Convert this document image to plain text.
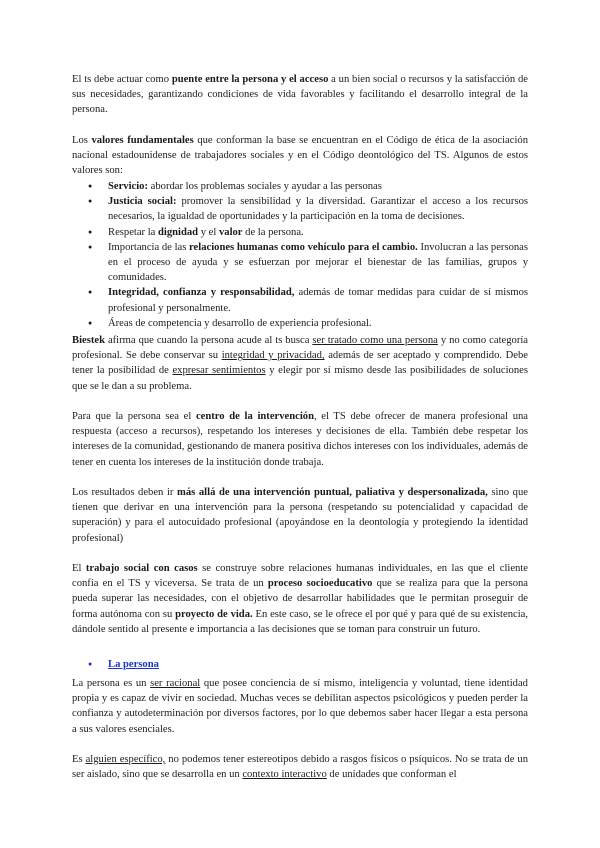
El ts debe actuar como puente entre la persona y el acceso a un bien social o recursos y la satisfacción de sus necesidades, garantizando condiciones de vida favorables y facilitando el desarrollo integral de la persona.

Los valores fundamentales que conforman la base se encuentran en el Código de ética de la asociación nacional estadounidense de trabajadores sociales y en el Código deontológico del TS. Algunos de estos valores son:

● Servicio: abordar los problemas sociales y ayudar a las personas
● Justicia social: promover la sensibilidad y la diversidad. Garantizar el acceso a los recursos necesarios, la igualdad de oportunidades y la participación en la toma de decisiones.
● Respetar la dignidad y el valor de la persona.
● Importancia de las relaciones humanas como vehículo para el cambio. Involucran a las personas en el proceso de ayuda y se esfuerzan por mejorar el bienestar de las familias, grupos y comunidades.
● Integridad, confianza y responsabilidad, además de tomar medidas para cuidar de sí mismos profesional y personalmente.
● Áreas de competencia y desarrollo de experiencia profesional.

Biestek afirma que cuando la persona acude al ts busca ser tratado como una persona y no como categoría profesional. Se debe conservar su integridad y privacidad, además de ser aceptado y comprendido. Debe tener la posibilidad de expresar sentimientos y elegir por sí mismo desde las posibilidades de soluciones que se le dan a su problema.

Para que la persona sea el centro de la intervención, el TS debe ofrecer de manera profesional una respuesta (acceso a recursos), respetando los intereses y decisiones de ella. También debe respetar los intereses de la comunidad, gestionando de manera positiva dichos intereses con los individuales, además de tener en cuenta los intereses de la institución donde trabaja.

Los resultados deben ir más allá de una intervención puntual, paliativa y despersonalizada, sino que tienen que derivar en una intervención para la persona (respetando su potencialidad y capacidad de superación) y para el autocuidado profesional (apoyándose en la deontología y protegiendo la identidad profesional)

El trabajo social con casos se construye sobre relaciones humanas individuales, en las que el cliente confía en el TS y viceversa. Se trata de un proceso socioeducativo que se realiza para que la persona pueda superar las necesidades, con el objetivo de desarrollar habilidades que le permitan proseguir de forma autónoma con su proyecto de vida. En este caso, se le ofrece el por qué y para qué de su existencia, dándole sentido al presente e importancia a las decisiones que se toman para construir un futuro.

● La persona

La persona es un ser racional que posee conciencia de sí mismo, inteligencia y voluntad, tiene identidad propia y es capaz de vivir en sociedad. Muchas veces se debilitan aspectos psicológicos y pueden perder la confianza y autodeterminación por diversos factores, por lo que debemos saber hacer llegar a esta persona a sus valores esenciales.

Es alguien específico, no podemos tener estereotipos debido a rasgos físicos o psíquicos. No se trata de un ser aislado, sino que se desarrolla en un contexto interactivo de unidades que conforman el
